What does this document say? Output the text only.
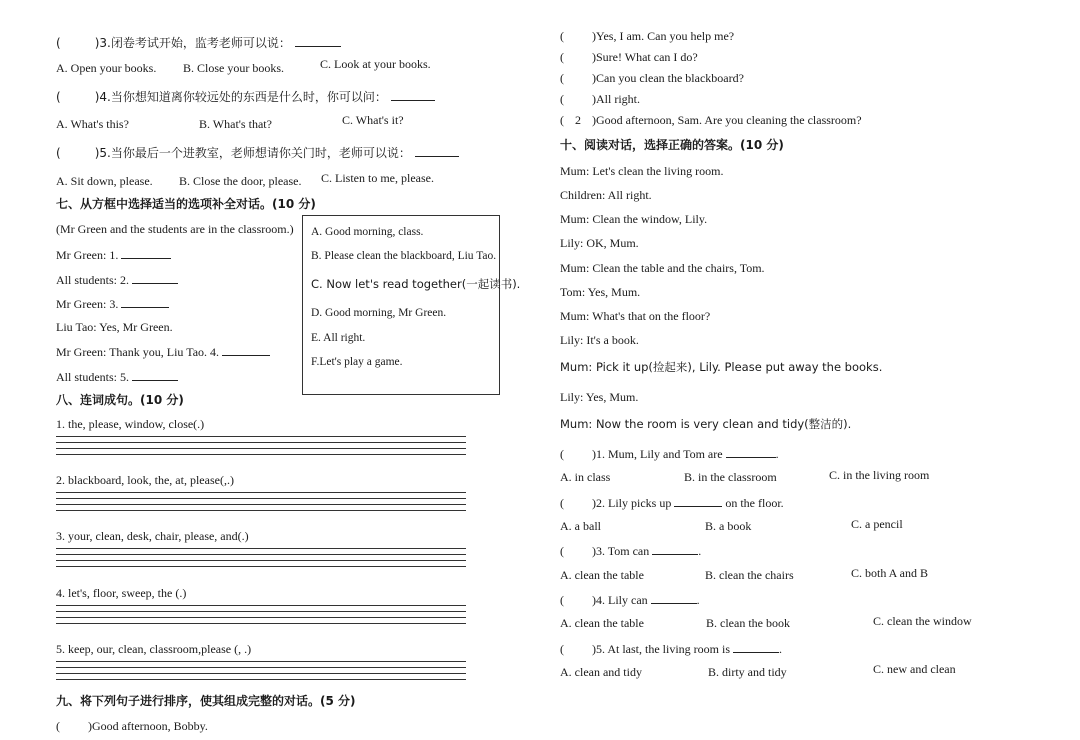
(	)3.闭卷考试开始，监考老师可以说：
A. Open your books. B. Close your books.	C. Look at your books.
(	)4.当你想知道离你较远处的东西是什么时，你可以问：
A. What's this?	B. What's that?	C. What's it?
(	)5.当你最后一个进教室，老师想请你关门时，老师可以说：
A. Sit down, please. B. Close the door, please. C. Listen to me, please.
七、从方框中选择适当的选项补全对话。(10 分)
(Mr Green and the students are in the classroom.)
Mr Green: 1.
All students: 2.
Mr Green: 3.
Liu Tao: Yes, Mr Green.
Mr Green: Thank you, Liu Tao. 4.
All students: 5.
A. Good morning, class.
B. Please clean the blackboard, Liu Tao.
C. Now let's read together(一起读书).
D. Good morning, Mr Green.
E. All right.
F.Let's play a game.
八、连词成句。(10 分)
1. the, please, window, close(.)
2. blackboard, look, the, at, please(,.)
3. your, clean, desk, chair, please, and(.)
4. let's, floor, sweep, the (.)
5. keep, our, clean, classroom,please (, .)
九、将下列句子进行排序，使其组成完整的对话。(5 分)
( )Good afternoon, Bobby.
( )Yes, I am. Can you help me?
( )Sure! What can I do?
( )Can you clean the blackboard?
( )All right.
( 2 )Good afternoon, Sam. Are you cleaning the classroom?
十、阅读对话，选择正确的答案。(10 分)
Mum: Let's clean the living room.
Children: All right.
Mum: Clean the window, Lily.
Lily: OK, Mum.
Mum: Clean the table and the chairs, Tom.
Tom: Yes, Mum.
Mum: What's that on the floor?
Lily: It's a book.
Mum: Pick it up(捡起来), Lily. Please put away the books.
Lily: Yes, Mum.
Mum: Now the room is very clean and tidy(整洁的).
( )1. Mum, Lily and Tom are	.
A. in class	B. in the classroom	C. in the living room
( )2. Lily picks up	on the floor.
A. a ball	B. a book	C. a pencil
( )3. Tom can	.
A. clean the table	B. clean the chairs	C. both A and B
( )4. Lily can	.
A. clean the table	B. clean the book	C. clean the window
( )5. At last, the living room is	.
A. clean and tidy	B. dirty and tidy	C. new and clean
